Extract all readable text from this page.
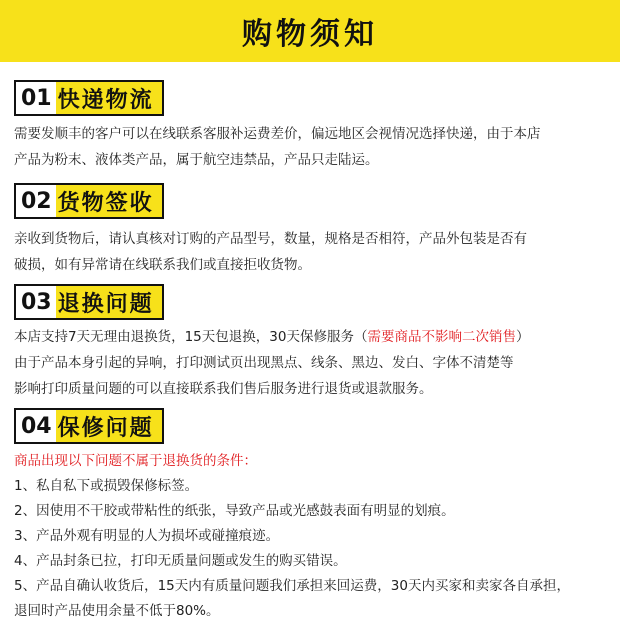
购物须知
01 快递物流

需要发顺丰的客户可以在线联系客服补运费差价，偏远地区会视情况选择快递，由于本店

产品为粉末、液体类产品，属于航空违禁品，产品只走陆运。

02 货物签收

亲收到货物后，请认真核对订购的产品型号，数量，规格是否相符，产品外包装是否有

破损，如有异常请在线联系我们或直接拒收货物。

03 退换问题

本店支持7天无理由退换货，15天包退换，30天保修服务（需要商品不影响二次销售）

由于产品本身引起的异响，打印测试页出现黑点、线条、黑边、发白、字体不清楚等

影响打印质量问题的可以直接联系我们售后服务进行退货或退款服务。

04 保修问题

商品出现以下问题不属于退换货的条件：

1、私自私下或损毁保修标签。

2、因使用不干胶或带粘性的纸张，导致产品或光感鼓表面有明显的划痕。

3、产品外观有明显的人为损坏或碰撞痕迹。

4、产品封条已拉，打印无质量问题或发生的购买错误。

5、产品自确认收货后，15天内有质量问题我们承担来回运费，30天内买家和卖家各自承担，

退回时产品使用余量不低于80%。
